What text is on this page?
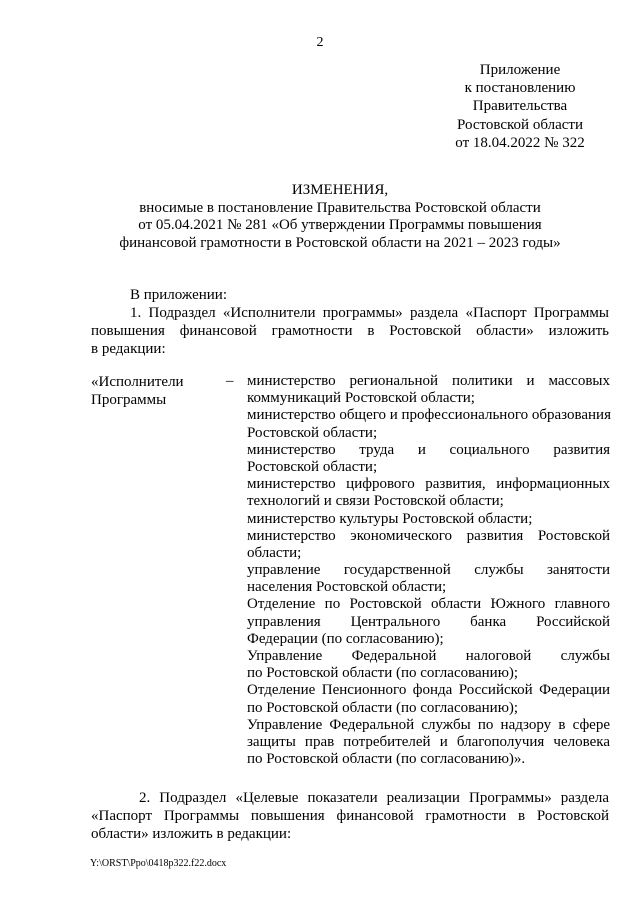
2
Приложение
к постановлению
Правительства
Ростовской области
от 18.04.2022 № 322
ИЗМЕНЕНИЯ,
вносимые в постановление Правительства Ростовской области
от 05.04.2021 № 281 «Об утверждении Программы повышения
финансовой грамотности в Ростовской области на 2021 – 2023 годы»
В приложении:
1. Подраздел «Исполнители программы» раздела «Паспорт Программы
повышения финансовой грамотности в Ростовской области» изложить
в редакции:
«Исполнители
Программы
– министерство региональной политики и массовых
коммуникаций Ростовской области;
министерство общего и профессионального образования
Ростовской области;
министерство труда и социального развития
Ростовской области;
министерство цифрового развития, информационных
технологий и связи Ростовской области;
министерство культуры Ростовской области;
министерство экономического развития Ростовской
области;
управление государственной службы занятости
населения Ростовской области;
Отделение по Ростовской области Южного главного
управления Центрального банка Российской
Федерации (по согласованию);
Управление Федеральной налоговой службы
по Ростовской области (по согласованию);
Отделение Пенсионного фонда Российской Федерации
по Ростовской области (по согласованию);
Управление Федеральной службы по надзору в сфере
защиты прав потребителей и благополучия человека
по Ростовской области (по согласованию)».
2. Подраздел «Целевые показатели реализации Программы» раздела
«Паспорт Программы повышения финансовой грамотности в Ростовской
области» изложить в редакции:
Y:\ORST\Ppo\0418p322.f22.docx
